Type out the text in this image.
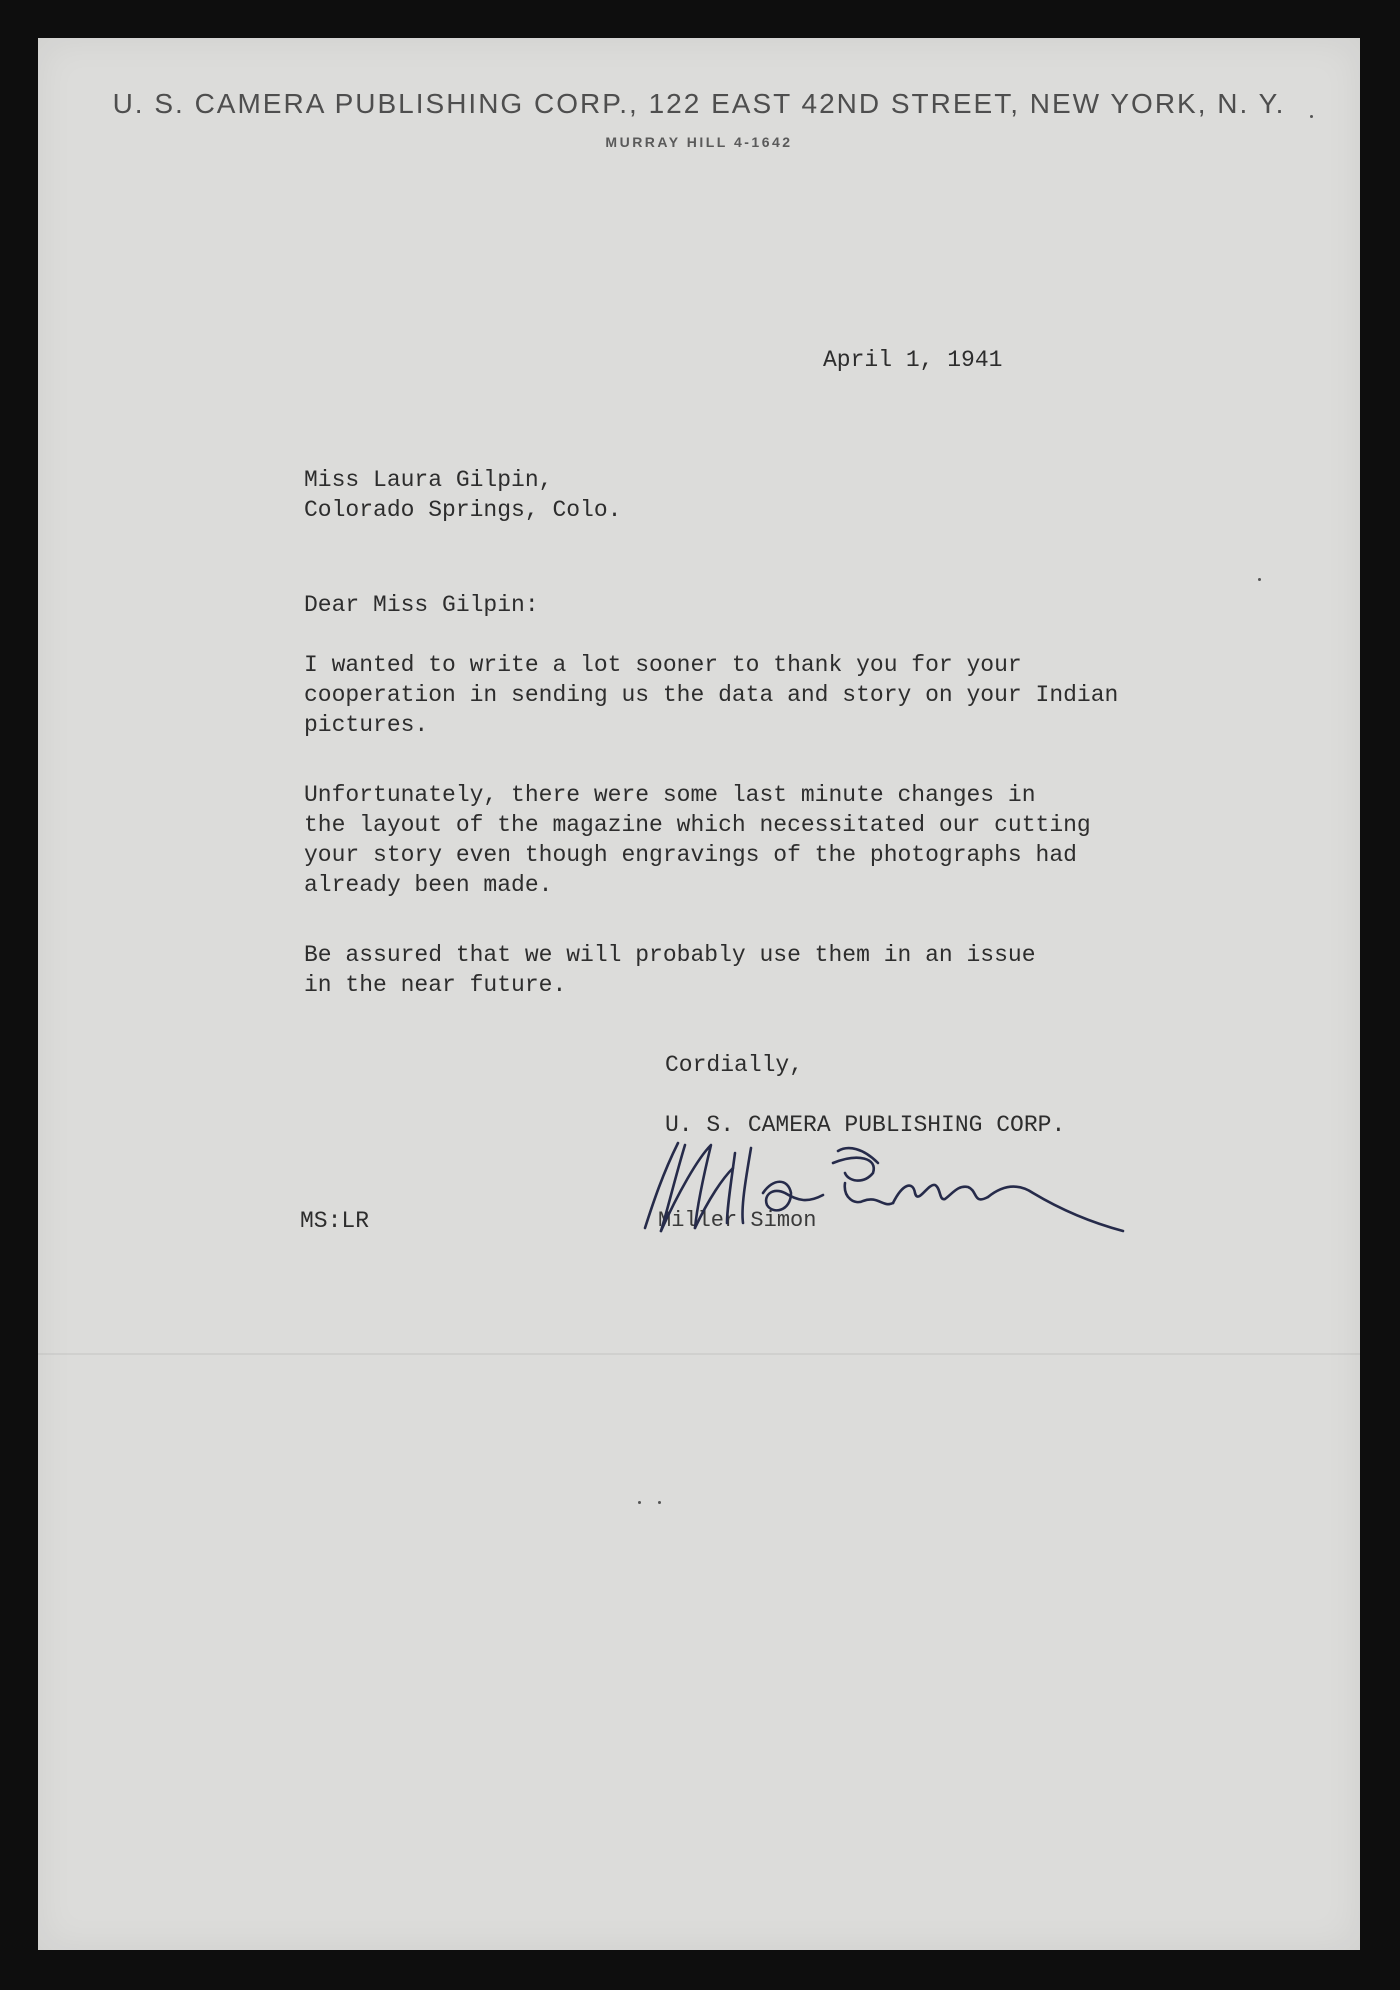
U. S. CAMERA PUBLISHING CORP., 122 EAST 42ND STREET, NEW YORK, N. Y.
MURRAY HILL 4-1642
April 1, 1941
Miss Laura Gilpin,
Colorado Springs, Colo.
Dear Miss Gilpin:
I wanted to write a lot sooner to thank you for your
cooperation in sending us the data and story on your Indian
pictures.
Unfortunately, there were some last minute changes in
the layout of the magazine which necessitated our cutting
your story even though engravings of the photographs had
already been made.
Be assured that we will probably use them in an issue
in the near future.
Cordially,
U. S. CAMERA PUBLISHING CORP.
Miller Simon
MS:LR
